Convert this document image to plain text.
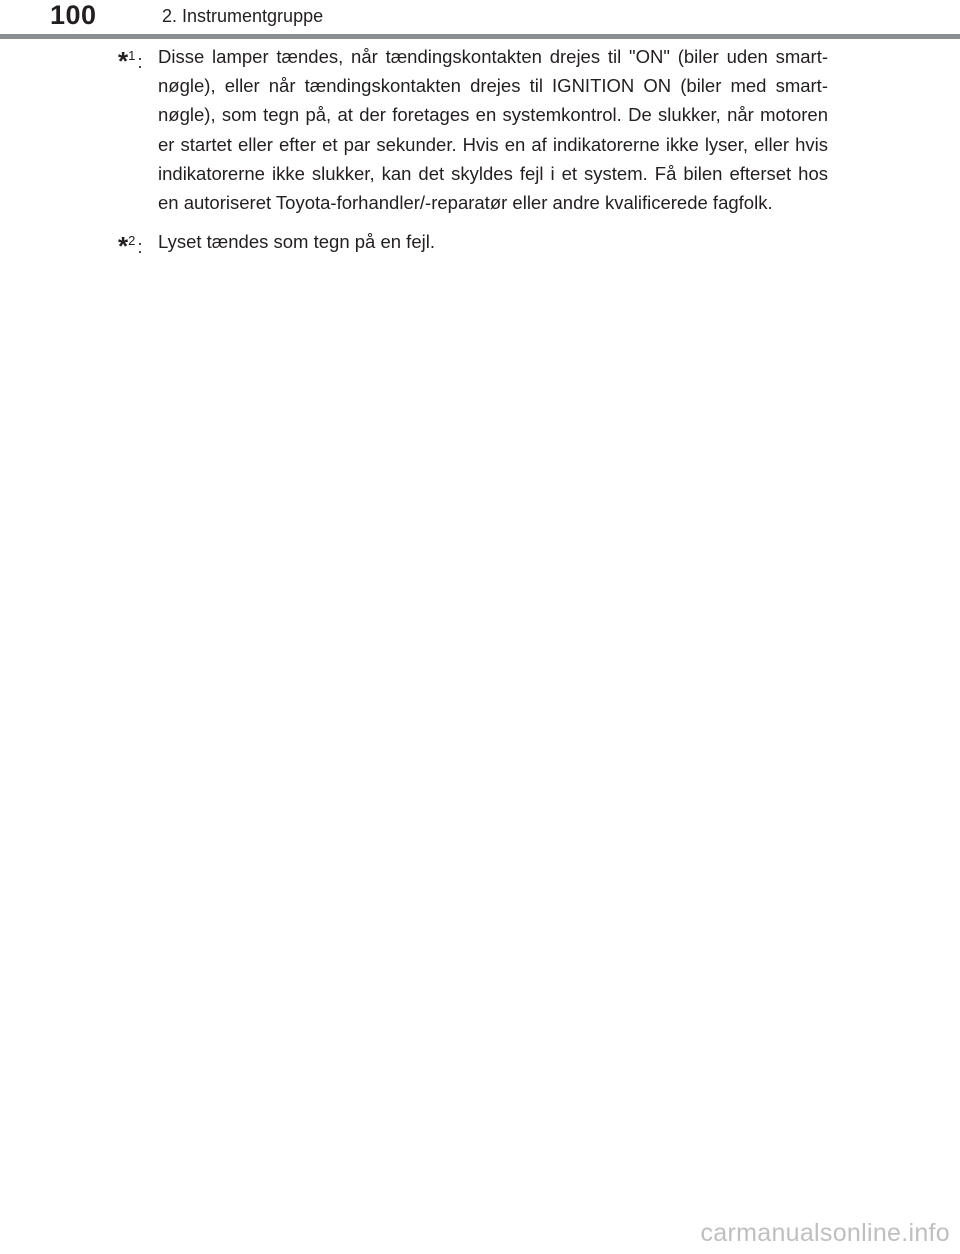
100	2. Instrumentgruppe
*$^1$ : Disse lamper tændes, når tændingskontakten drejes til "ON" (biler uden smart-nøgle), eller når tændingskontakten drejes til IGNITION ON (biler med smart-nøgle), som tegn på, at der foretages en systemkontrol. De slukker, når motoren er startet eller efter et par sekunder. Hvis en af indikatorerne ikke lyser, eller hvis indikatorerne ikke slukker, kan det skyldes fejl i et system. Få bilen efterset hos en autoriseret Toyota-forhandler/-reparatør eller andre kvalificerede fagfolk.
*$^2$ : Lyset tændes som tegn på en fejl.
carmanualsonline.info
